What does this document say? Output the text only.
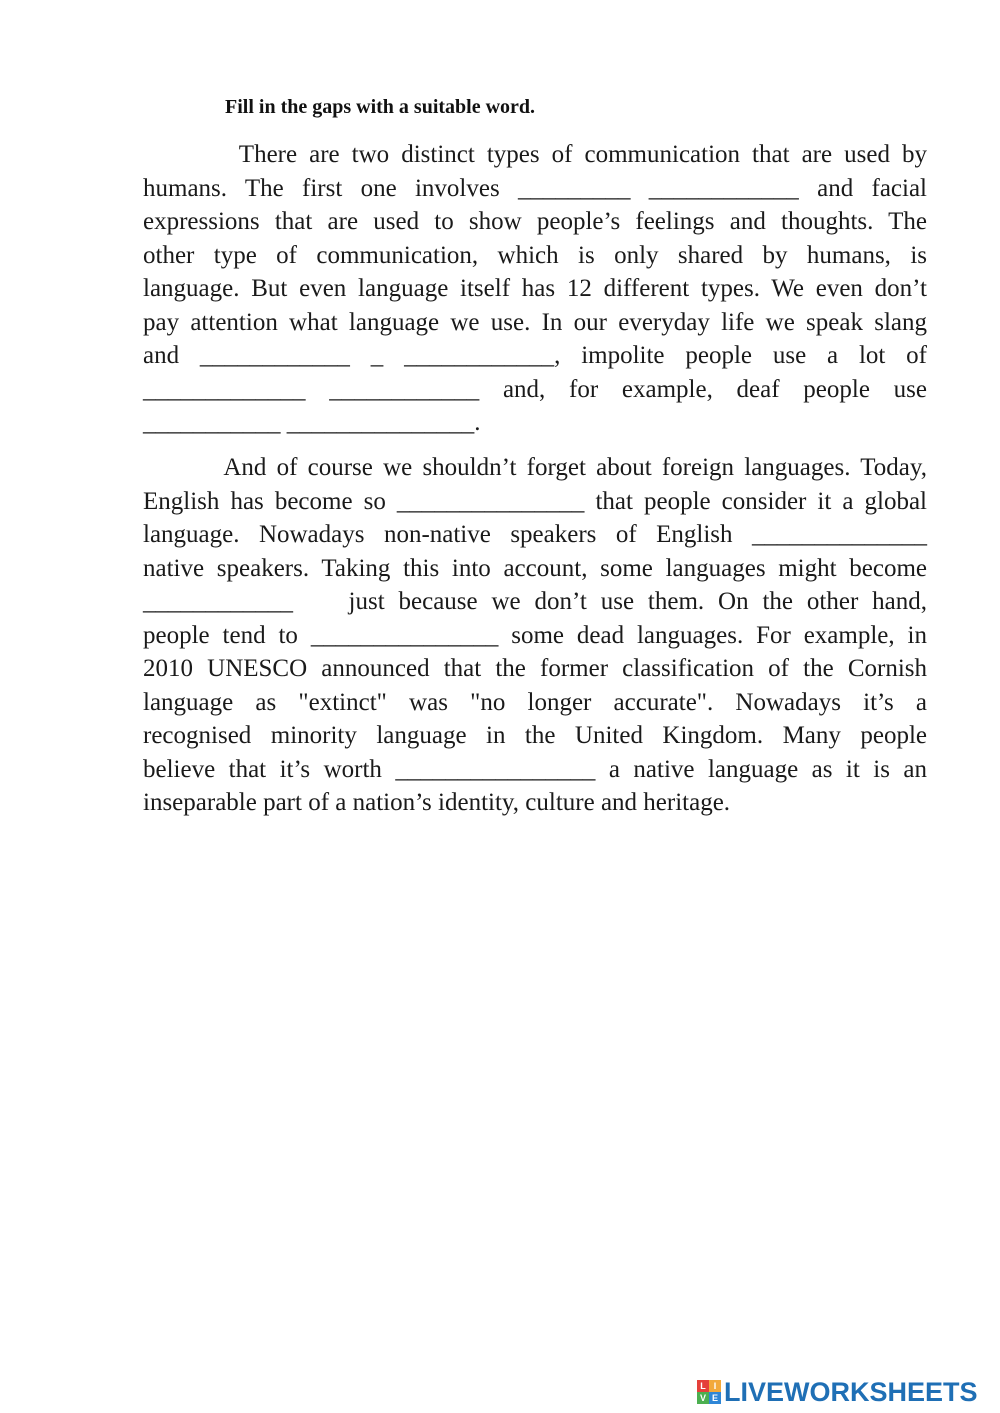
Fill in the gaps with a suitable word.
There are two distinct types of communication that are used by
humans. The first one involves _________ ____________ and facial
expressions that are used to show people’s feelings and thoughts. The
other type of communication, which is only shared by humans, is
language. But even language itself has 12 different types. We even don’t
pay attention what language we use. In our everyday life we speak slang
and ____________ _ ____________, impolite people use a lot of
_____________ ____________ and, for example, deaf people use
___________ _______________.
And of course we shouldn’t forget about foreign languages. Today,
English has become so _______________ that people consider it a global
language. Nowadays non-native speakers of English ______________
native speakers. Taking this into account, some languages might become
____________    just because we don’t use them. On the other hand,
people tend to _______________ some dead languages. For example, in
2010 UNESCO announced that the former classification of the Cornish
language as "extinct" was "no longer accurate". Nowadays it’s a
recognised minority language in the United Kingdom. Many people
believe that it’s worth ________________ a native language as it is an
inseparable part of a nation’s identity, culture and heritage.
L I
V E LIVEWORKSHEETS
